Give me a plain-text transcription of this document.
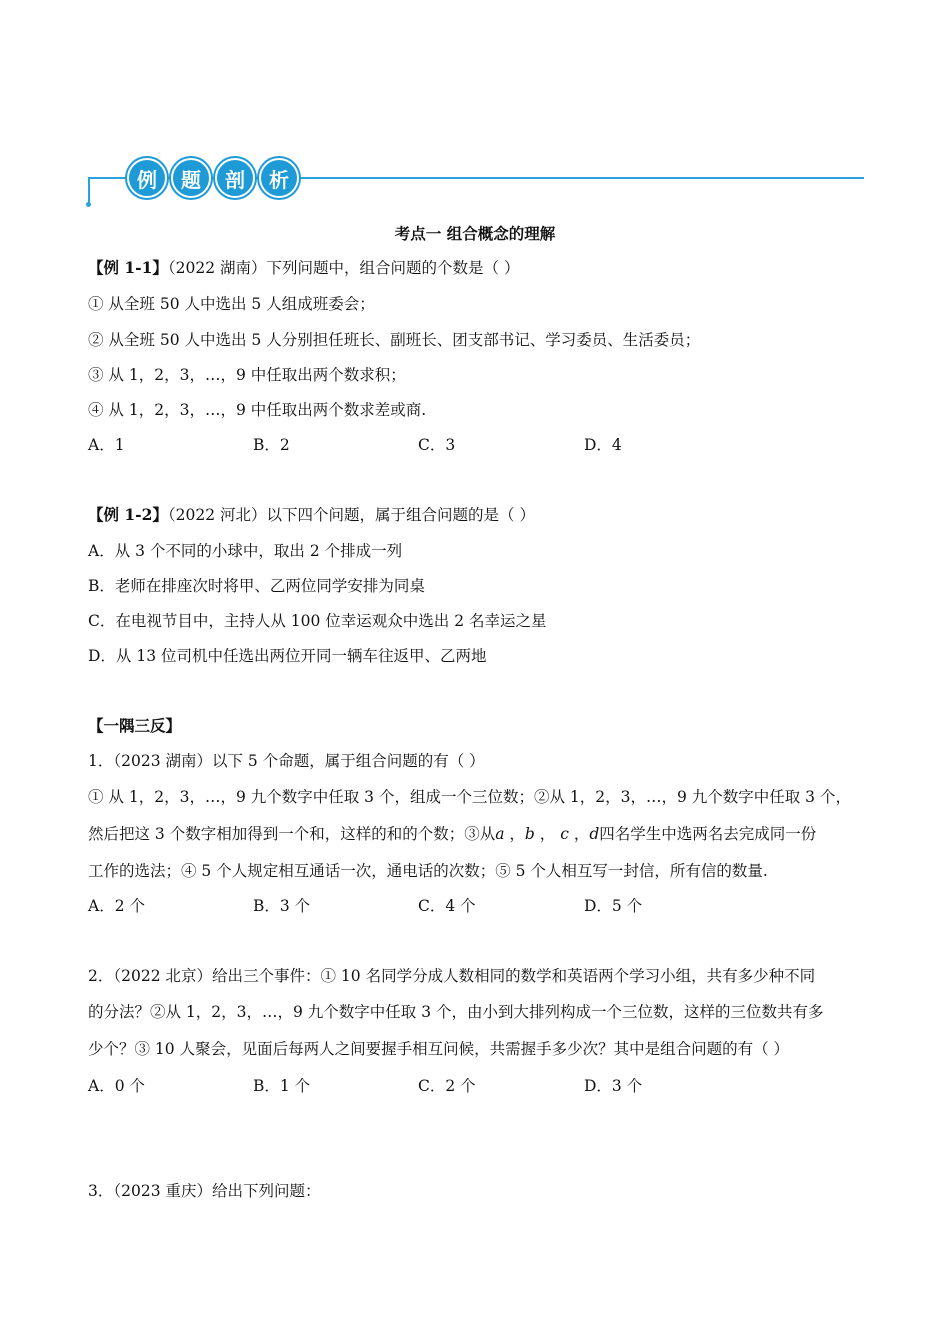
例	题	剖	析
考点一 组合概念的理解
【例 1-1】（2022 湖南）下列问题中，组合问题的个数是（ ）
① 从全班 50 人中选出 5 人组成班委会；
② 从全班 50 人中选出 5 人分别担任班长、副班长、团支部书记、学习委员、生活委员；
③ 从 1，2，3，…，9 中任取出两个数求积；
④ 从 1，2，3，…，9 中任取出两个数求差或商.
A．1	B．2	C．3	D．4
【例 1-2】（2022 河北）以下四个问题，属于组合问题的是（ ）
A．从 3 个不同的小球中，取出 2 个排成一列
B．老师在排座次时将甲、乙两位同学安排为同桌
C．在电视节目中，主持人从 100 位幸运观众中选出 2 名幸运之星
D．从 13 位司机中任选出两位开同一辆车往返甲、乙两地
【一隅三反】
1．（2023 湖南）以下 5 个命题，属于组合问题的有（ ）
① 从 1，2，3，…，9 九个数字中任取 3 个，组成一个三位数；②从 1，2，3，…，9 九个数字中任取 3 个，
然后把这 3 个数字相加得到一个和，这样的和的个数；③从a ，b ， c ，d四名学生中选两名去完成同一份
工作的选法；④ 5 个人规定相互通话一次，通电话的次数；⑤ 5 个人相互写一封信，所有信的数量.
A．2 个	B．3 个	C．4 个	D．5 个
2．（2022 北京）给出三个事件：① 10 名同学分成人数相同的数学和英语两个学习小组，共有多少种不同
的分法？②从 1，2，3，…，9 九个数字中任取 3 个，由小到大排列构成一个三位数，这样的三位数共有多
少个？③ 10 人聚会，见面后每两人之间要握手相互问候，共需握手多少次？其中是组合问题的有（ ）
A．0 个	B．1 个	C．2 个	D．3 个
3．（2023 重庆）给出下列问题：
